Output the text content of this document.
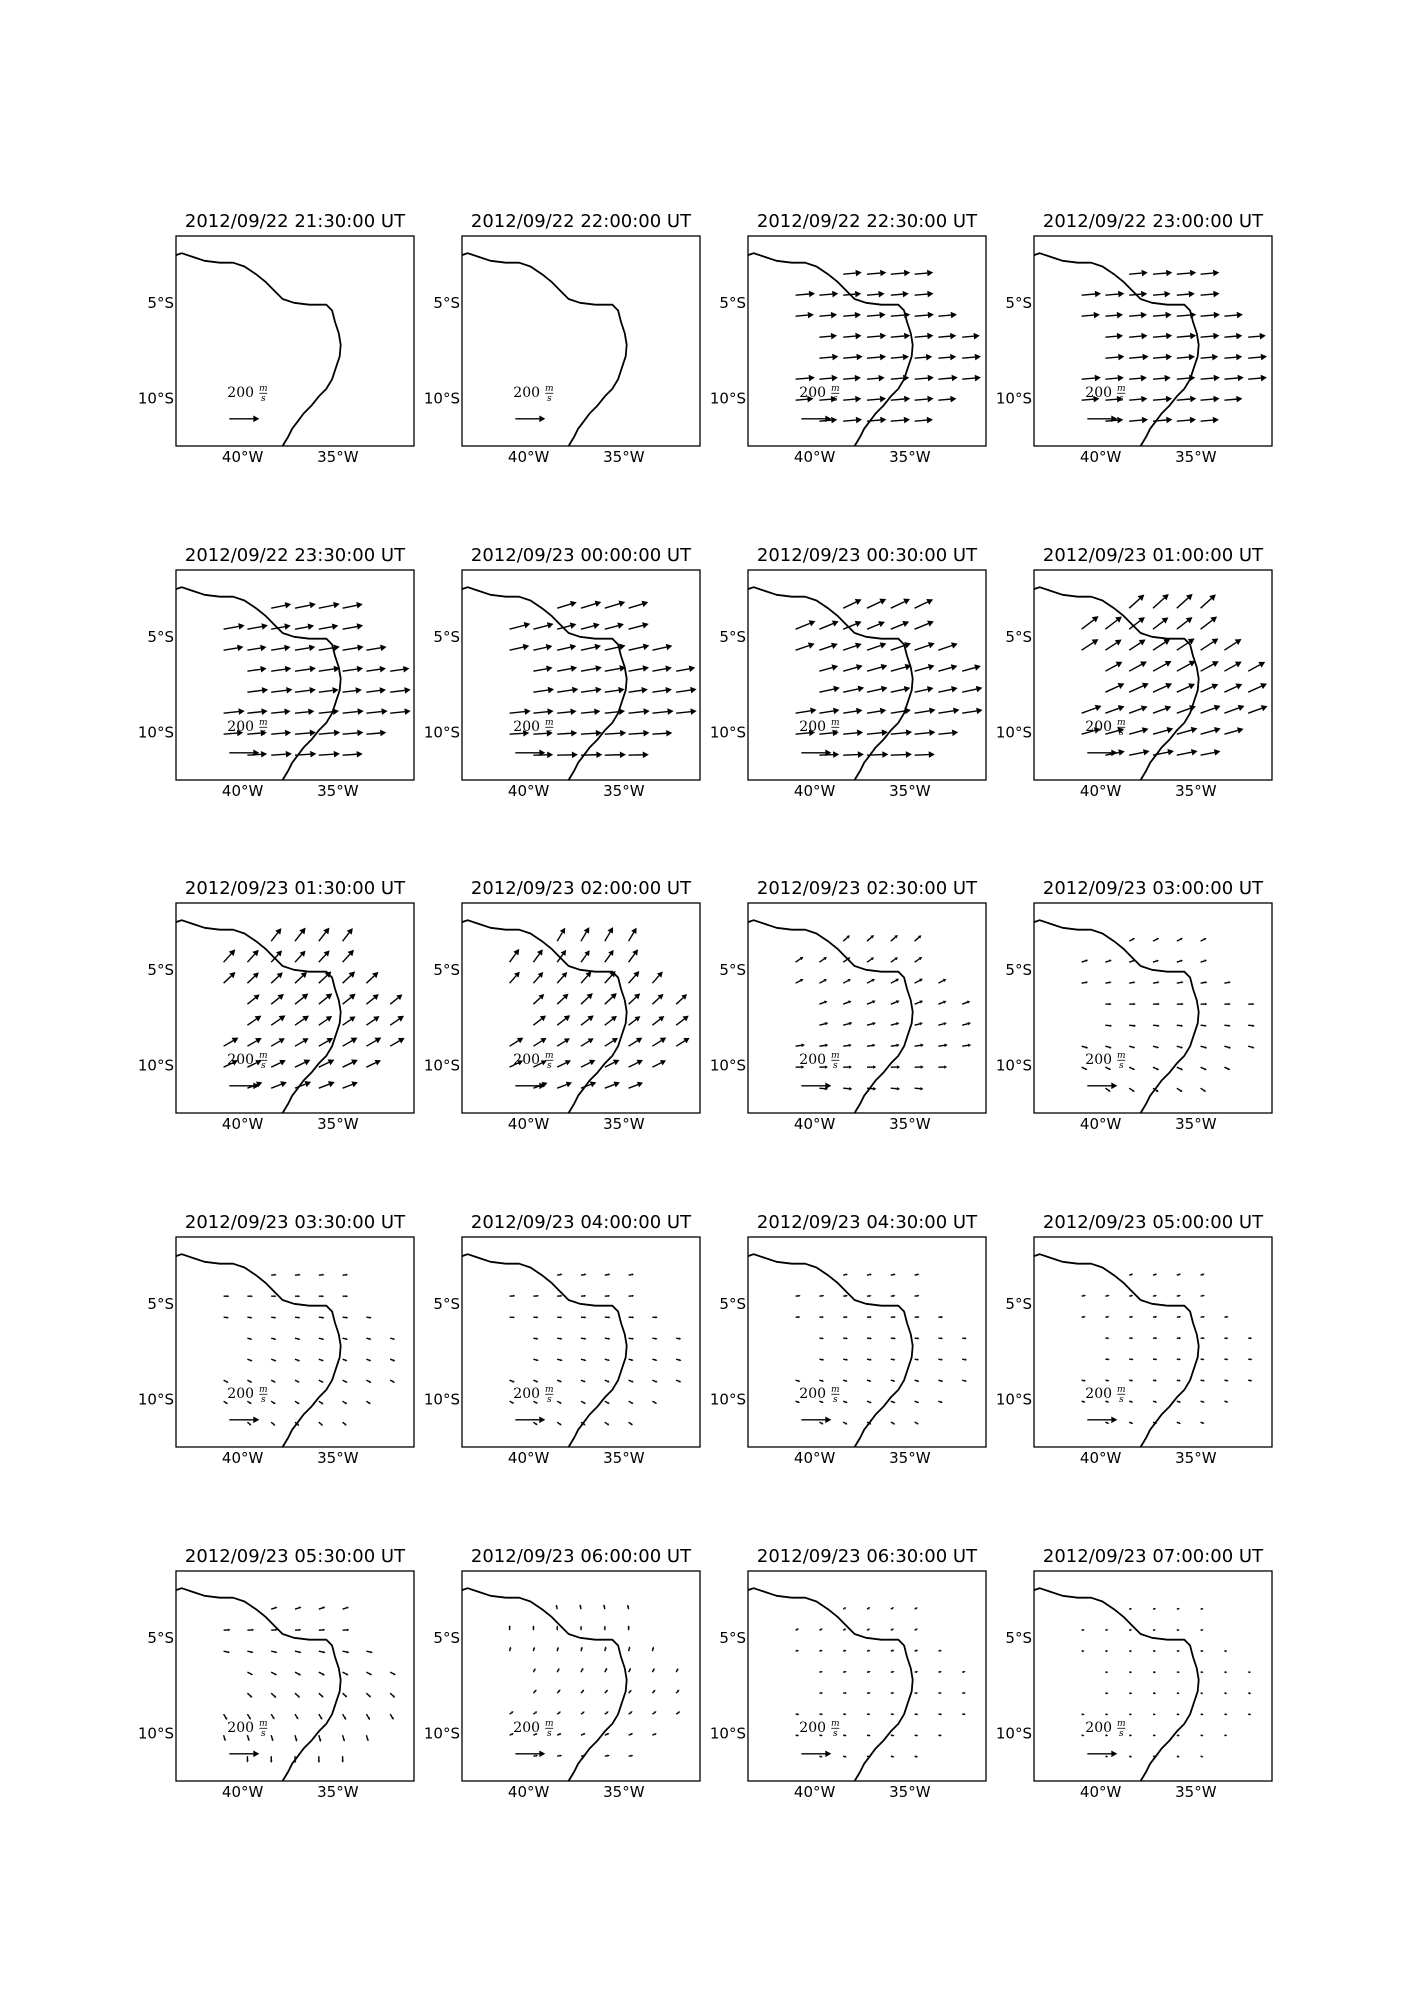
2012/09/22 21:30:00 UT
200 m
s
40°W	35°W
5°S
10°S
2012/09/22 22:00:00 UT
200 m
s
40°W	35°W
5°S
10°S
2012/09/22 22:30:00 UT
200 m
s
40°W	35°W
5°S
10°S
2012/09/22 23:00:00 UT
200 m
s
40°W	35°W
5°S
10°S
2012/09/22 23:30:00 UT
200 m
s
40°W	35°W
5°S
10°S
2012/09/23 00:00:00 UT
200 m
s
40°W	35°W
5°S
10°S
2012/09/23 00:30:00 UT
200 m
s
40°W	35°W
5°S
10°S
2012/09/23 01:00:00 UT
200 m
s
40°W	35°W
5°S
10°S
2012/09/23 01:30:00 UT
200 m
s
40°W	35°W
5°S
10°S
2012/09/23 02:00:00 UT
200 m
s
40°W	35°W
5°S
10°S
2012/09/23 02:30:00 UT
200 m
s
40°W	35°W
5°S
10°S
2012/09/23 03:00:00 UT
200 m
s
40°W	35°W
5°S
10°S
2012/09/23 03:30:00 UT
200 m
s
40°W	35°W
5°S
10°S
2012/09/23 04:00:00 UT
200 m
s
40°W	35°W
5°S
10°S
2012/09/23 04:30:00 UT
200 m
s
40°W	35°W
5°S
10°S
2012/09/23 05:00:00 UT
200 m
s
40°W	35°W
5°S
10°S
2012/09/23 05:30:00 UT
200 m
s
40°W	35°W
5°S
10°S
2012/09/23 06:00:00 UT
200 m
s
40°W	35°W
5°S
10°S
2012/09/23 06:30:00 UT
200 m
s
40°W	35°W
5°S
10°S
2012/09/23 07:00:00 UT
200 m
s
40°W	35°W
5°S
10°S
